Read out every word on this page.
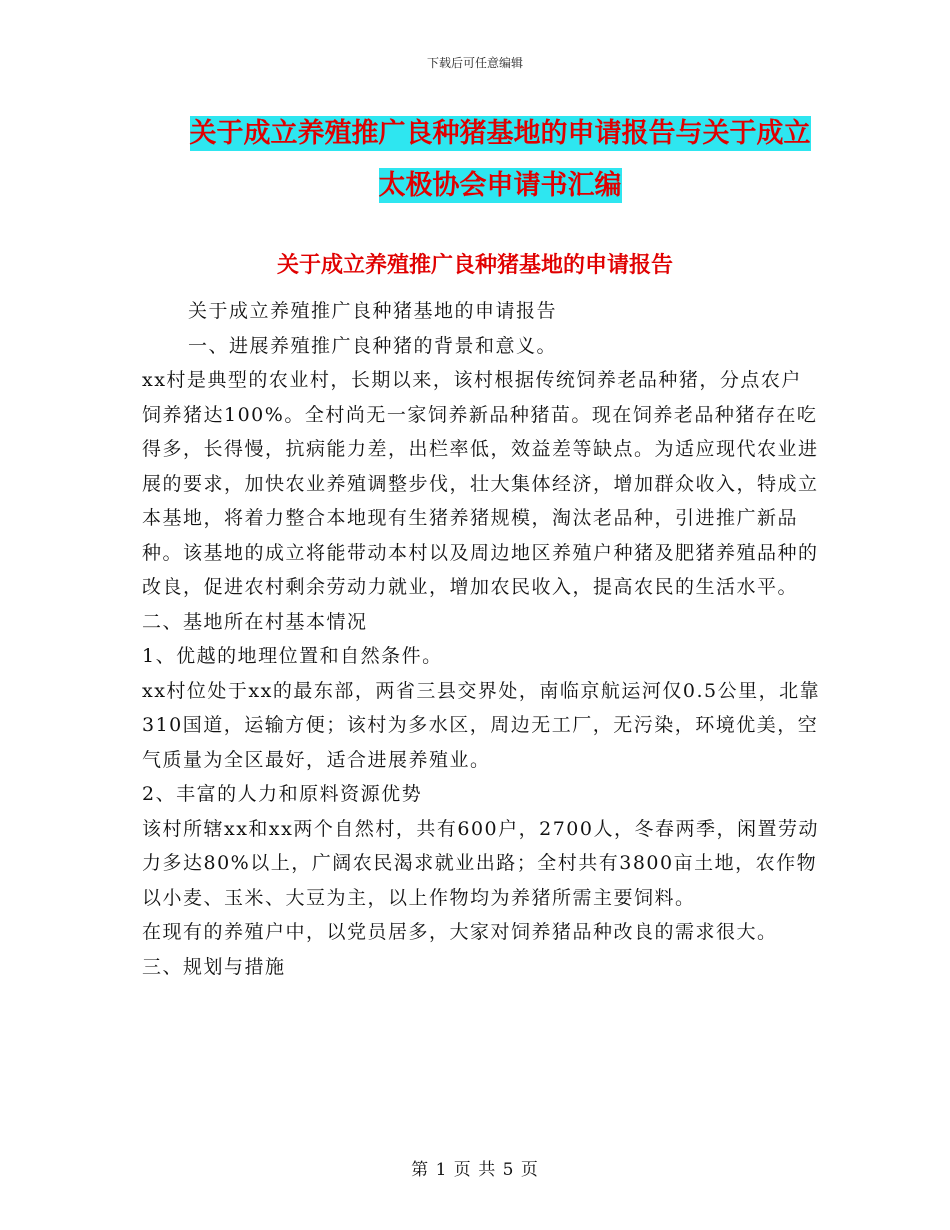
下载后可任意编辑
关于成立养殖推广良种猪基地的申请报告与关于成立
太极协会申请书汇编
关于成立养殖推广良种猪基地的申请报告

关于成立养殖推广良种猪基地的申请报告

一、进展养殖推广良种猪的背景和意义。

xx村是典型的农业村，长期以来，该村根据传统饲养老品种猪，分点农户饲养猪达100%。全村尚无一家饲养新品种猪苗。现在饲养老品种猪存在吃得多，长得慢，抗病能力差，出栏率低，效益差等缺点。为适应现代农业进展的要求，加快农业养殖调整步伐，壮大集体经济，增加群众收入，特成立本基地，将着力整合本地现有生猪养猪规模，淘汰老品种，引进推广新品种。该基地的成立将能带动本村以及周边地区养殖户种猪及肥猪养殖品种的改良，促进农村剩余劳动力就业，增加农民收入，提高农民的生活水平。

二、基地所在村基本情况

1、优越的地理位置和自然条件。

xx村位处于xx的最东部，两省三县交界处，南临京航运河仅0.5公里，北靠310国道，运输方便；该村为多水区，周边无工厂，无污染，环境优美，空气质量为全区最好，适合进展养殖业。

2、丰富的人力和原料资源优势

该村所辖xx和xx两个自然村，共有600户，2700人，冬春两季，闲置劳动力多达80%以上，广阔农民渴求就业出路；全村共有3800亩土地，农作物以小麦、玉米、大豆为主，以上作物均为养猪所需主要饲料。

在现有的养殖户中，以党员居多，大家对饲养猪品种改良的需求很大。

三、规划与措施

第 1 页 共 5 页
